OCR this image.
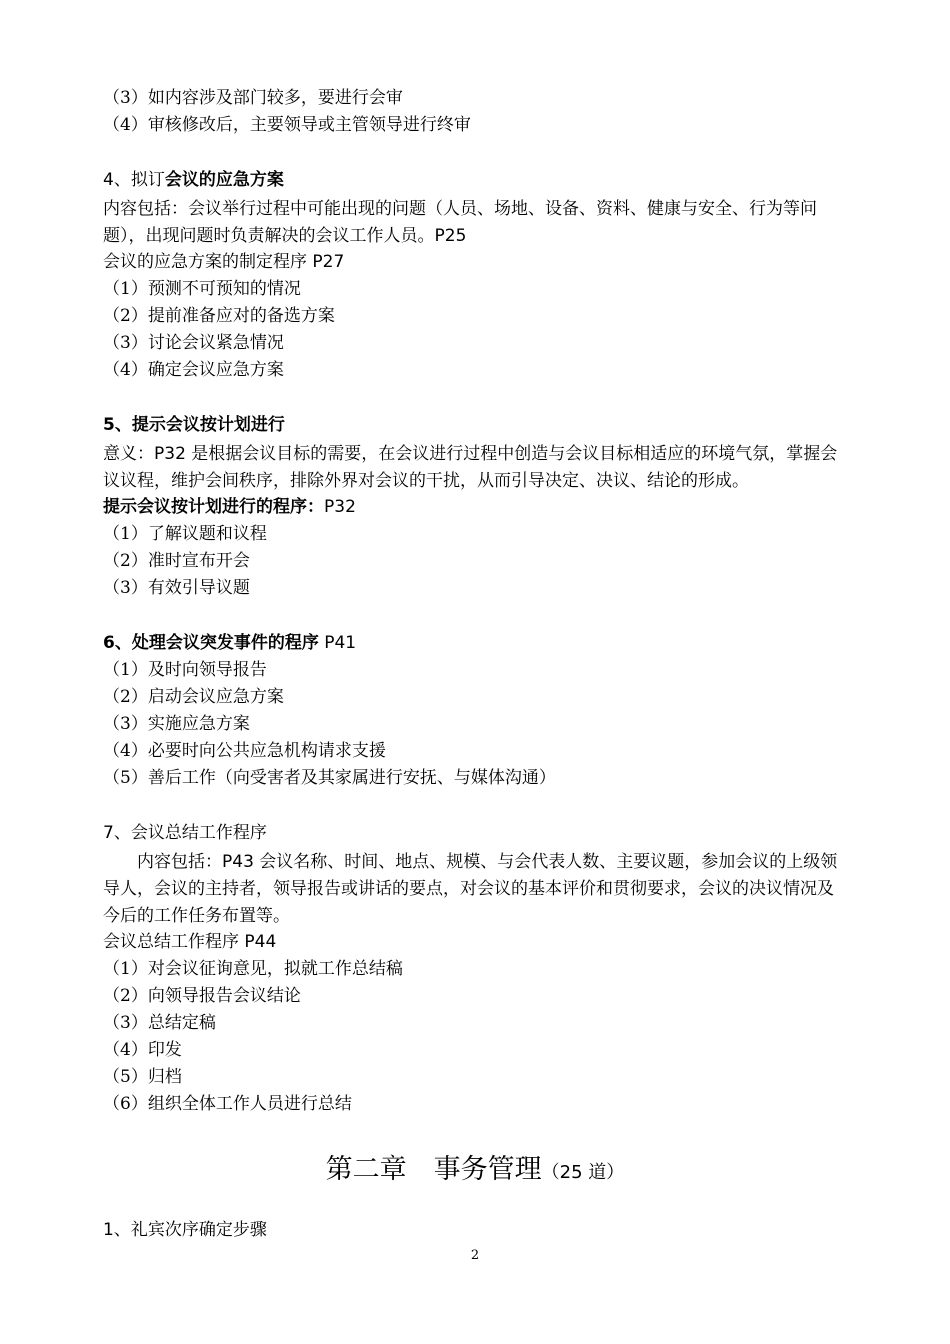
（3）如内容涉及部门较多，要进行会审
（4）审核修改后，主要领导或主管领导进行终审
4、拟订会议的应急方案
内容包括：会议举行过程中可能出现的问题（人员、场地、设备、资料、健康与安全、行为等问题），出现问题时负责解决的会议工作人员。P25
会议的应急方案的制定程序 P27
（1）预测不可预知的情况
（2）提前准备应对的备选方案
（3）讨论会议紧急情况
（4）确定会议应急方案
5、提示会议按计划进行
意义：P32 是根据会议目标的需要，在会议进行过程中创造与会议目标相适应的环境气氛，掌握会议议程，维护会间秩序，排除外界对会议的干扰，从而引导决定、决议、结论的形成。
提示会议按计划进行的程序：P32
（1）了解议题和议程
（2）准时宣布开会
（3）有效引导议题
6、处理会议突发事件的程序 P41
（1）及时向领导报告
（2）启动会议应急方案
（3）实施应急方案
（4）必要时向公共应急机构请求支援
（5）善后工作（向受害者及其家属进行安抚、与媒体沟通）
7、会议总结工作程序
内容包括：P43 会议名称、时间、地点、规模、与会代表人数、主要议题，参加会议的上级领导人，会议的主持者，领导报告或讲话的要点，对会议的基本评价和贯彻要求，会议的决议情况及今后的工作任务布置等。
会议总结工作程序 P44
（1）对会议征询意见，拟就工作总结稿
（2）向领导报告会议结论
（3）总结定稿
（4）印发
（5）归档
（6）组织全体工作人员进行总结
第二章　事务管理（25 道）
1、礼宾次序确定步骤
2
